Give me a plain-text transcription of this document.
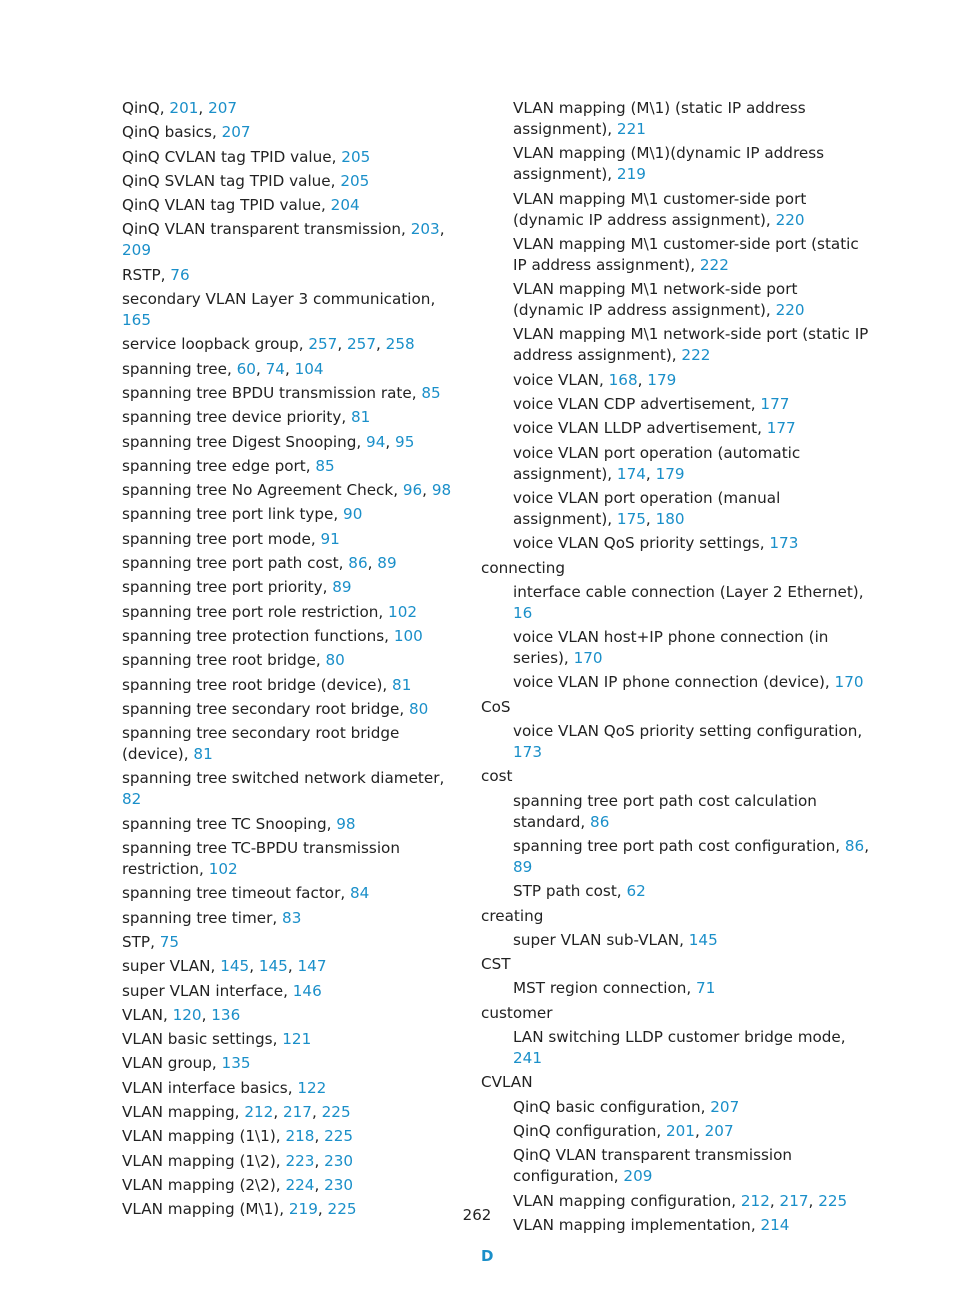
QinQ, 201, 207
QinQ basics, 207
QinQ CVLAN tag TPID value, 205
QinQ SVLAN tag TPID value, 205
QinQ VLAN tag TPID value, 204
QinQ VLAN transparent transmission, 203, 209
RSTP, 76
secondary VLAN Layer 3 communication, 165
service loopback group, 257, 257, 258
spanning tree, 60, 74, 104
spanning tree BPDU transmission rate, 85
spanning tree device priority, 81
spanning tree Digest Snooping, 94, 95
spanning tree edge port, 85
spanning tree No Agreement Check, 96, 98
spanning tree port link type, 90
spanning tree port mode, 91
spanning tree port path cost, 86, 89
spanning tree port priority, 89
spanning tree port role restriction, 102
spanning tree protection functions, 100
spanning tree root bridge, 80
spanning tree root bridge (device), 81
spanning tree secondary root bridge, 80
spanning tree secondary root bridge (device), 81
spanning tree switched network diameter, 82
spanning tree TC Snooping, 98
spanning tree TC-BPDU transmission restriction, 102
spanning tree timeout factor, 84
spanning tree timer, 83
STP, 75
super VLAN, 145, 145, 147
super VLAN interface, 146
VLAN, 120, 136
VLAN basic settings, 121
VLAN group, 135
VLAN interface basics, 122
VLAN mapping, 212, 217, 225
VLAN mapping (1\1), 218, 225
VLAN mapping (1\2), 223, 230
VLAN mapping (2\2), 224, 230
VLAN mapping (M\1), 219, 225
VLAN mapping (M\1) (static IP address assignment), 221
VLAN mapping (M\1)(dynamic IP address assignment), 219
VLAN mapping M\1 customer-side port (dynamic IP address assignment), 220
VLAN mapping M\1 customer-side port (static IP address assignment), 222
VLAN mapping M\1 network-side port (dynamic IP address assignment), 220
VLAN mapping M\1 network-side port (static IP address assignment), 222
voice VLAN, 168, 179
voice VLAN CDP advertisement, 177
voice VLAN LLDP advertisement, 177
voice VLAN port operation (automatic assignment), 174, 179
voice VLAN port operation (manual assignment), 175, 180
voice VLAN QoS priority settings, 173
connecting
interface cable connection (Layer 2 Ethernet), 16
voice VLAN host+IP phone connection (in series), 170
voice VLAN IP phone connection (device), 170
CoS
voice VLAN QoS priority setting configuration, 173
cost
spanning tree port path cost calculation standard, 86
spanning tree port path cost configuration, 86, 89
STP path cost, 62
creating
super VLAN sub-VLAN, 145
CST
MST region connection, 71
customer
LAN switching LLDP customer bridge mode, 241
CVLAN
QinQ basic configuration, 207
QinQ configuration, 201, 207
QinQ VLAN transparent transmission configuration, 209
VLAN mapping configuration, 212, 217, 225
VLAN mapping implementation, 214
D
262
